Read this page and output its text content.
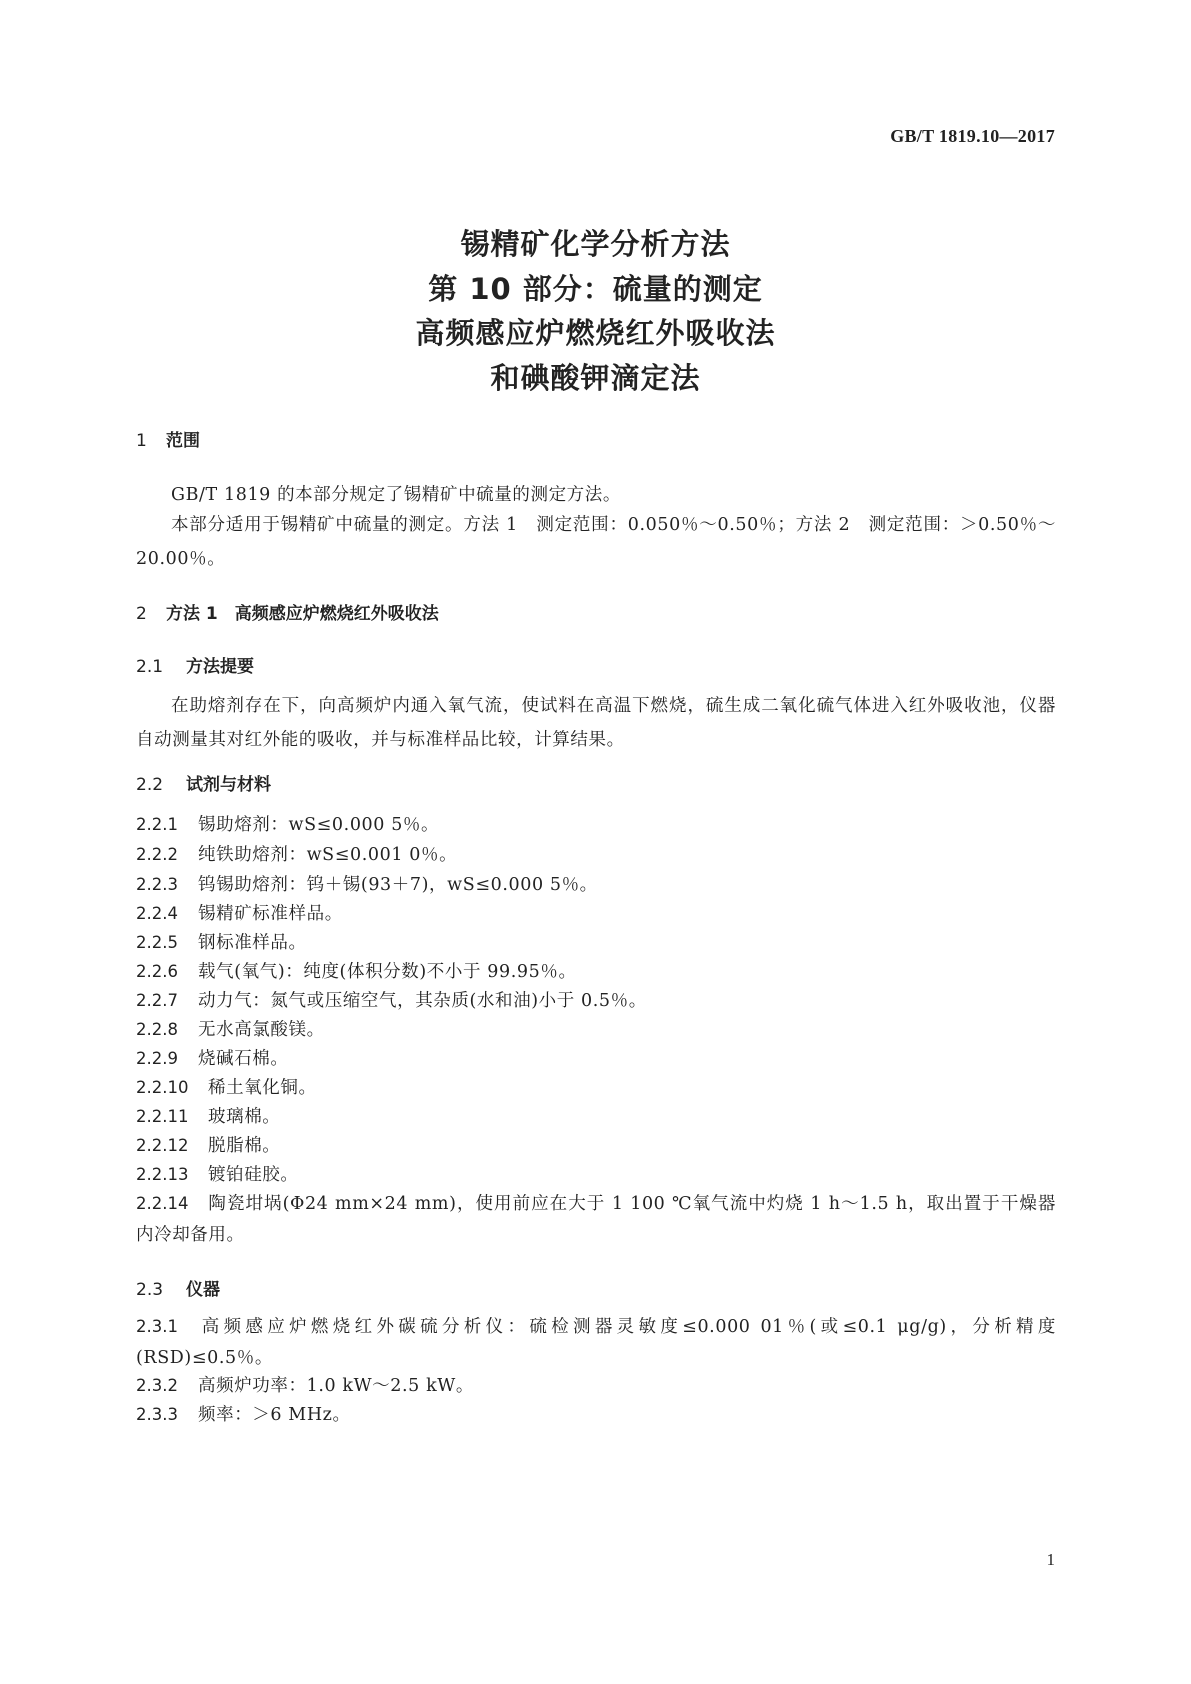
GB/T 1819.10—2017
锡精矿化学分析方法
第 10 部分：硫量的测定
高频感应炉燃烧红外吸收法
和碘酸钾滴定法
1 范围
GB/T 1819 的本部分规定了锡精矿中硫量的测定方法。
本部分适用于锡精矿中硫量的测定。方法 1　测定范围：0.050％～0.50％；方法 2　测定范围：＞0.50％～20.00％。
2 方法 1　高频感应炉燃烧红外吸收法
2.1 方法提要
在助熔剂存在下，向高频炉内通入氧气流，使试料在高温下燃烧，硫生成二氧化硫气体进入红外吸收池，仪器自动测量其对红外能的吸收，并与标准样品比较，计算结果。
2.2 试剂与材料
2.2.1 锡助熔剂：wS≤0.000 5％。
2.2.2 纯铁助熔剂：wS≤0.001 0％。
2.2.3 钨锡助熔剂：钨＋锡(93＋7)，wS≤0.000 5％。
2.2.4 锡精矿标准样品。
2.2.5 钢标准样品。
2.2.6 载气(氧气)：纯度(体积分数)不小于 99.95％。
2.2.7 动力气：氮气或压缩空气，其杂质(水和油)小于 0.5％。
2.2.8 无水高氯酸镁。
2.2.9 烧碱石棉。
2.2.10 稀土氧化铜。
2.2.11 玻璃棉。
2.2.12 脱脂棉。
2.2.13 镀铂硅胶。
2.2.14 陶瓷坩埚(Φ24 mm×24 mm)，使用前应在大于 1 100 ℃氧气流中灼烧 1 h～1.5 h，取出置于干燥器内冷却备用。
2.3 仪器
2.3.1 高频感应炉燃烧红外碳硫分析仪：硫检测器灵敏度≤0.000 01％(或≤0.1 μg/g)，分析精度(RSD)≤0.5％。
2.3.2 高频炉功率：1.0 kW～2.5 kW。
2.3.3 频率：＞6 MHz。
1
